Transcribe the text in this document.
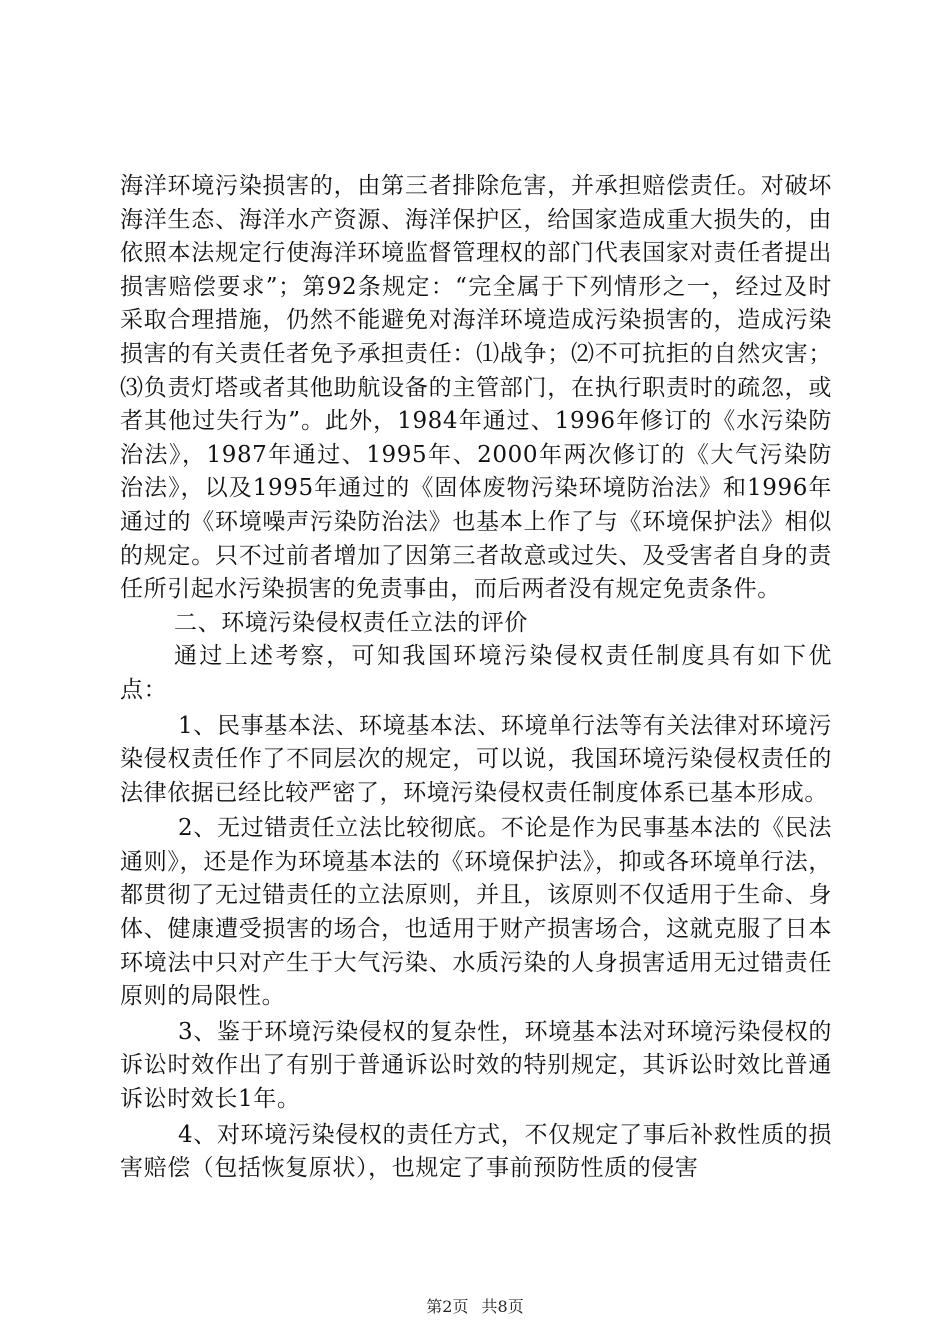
海洋环境污染损害的，由第三者排除危害，并承担赔偿责任。对破坏海洋生态、海洋水产资源、海洋保护区，给国家造成重大损失的，由依照本法规定行使海洋环境监督管理权的部门代表国家对责任者提出损害赔偿要求”；第92条规定：“完全属于下列情形之一，经过及时采取合理措施，仍然不能避免对海洋环境造成污染损害的，造成污染损害的有关责任者免予承担责任：⑴战争；⑵不可抗拒的自然灾害；⑶负责灯塔或者其他助航设备的主管部门，在执行职责时的疏忽，或者其他过失行为”。此外，1984年通过、1996年修订的《水污染防治法》，1987年通过、1995年、2000年两次修订的《大气污染防治法》，以及1995年通过的《固体废物污染环境防治法》和1996年通过的《环境噪声污染防治法》也基本上作了与《环境保护法》相似的规定。只不过前者增加了因第三者故意或过失、及受害者自身的责任所引起水污染损害的免责事由，而后两者没有规定免责条件。

二、环境污染侵权责任立法的评价

通过上述考察，可知我国环境污染侵权责任制度具有如下优点：

1、民事基本法、环境基本法、环境单行法等有关法律对环境污染侵权责任作了不同层次的规定，可以说，我国环境污染侵权责任的法律依据已经比较严密了，环境污染侵权责任制度体系已基本形成。

2、无过错责任立法比较彻底。不论是作为民事基本法的《民法通则》，还是作为环境基本法的《环境保护法》，抑或各环境单行法，都贯彻了无过错责任的立法原则，并且，该原则不仅适用于生命、身体、健康遭受损害的场合，也适用于财产损害场合，这就克服了日本环境法中只对产生于大气污染、水质污染的人身损害适用无过错责任原则的局限性。

3、鉴于环境污染侵权的复杂性，环境基本法对环境污染侵权的诉讼时效作出了有别于普通诉讼时效的特别规定，其诉讼时效比普通诉讼时效长1年。

4、对环境污染侵权的责任方式，不仅规定了事后补救性质的损害赔偿（包括恢复原状），也规定了事前预防性质的侵害

第2页 共8页
